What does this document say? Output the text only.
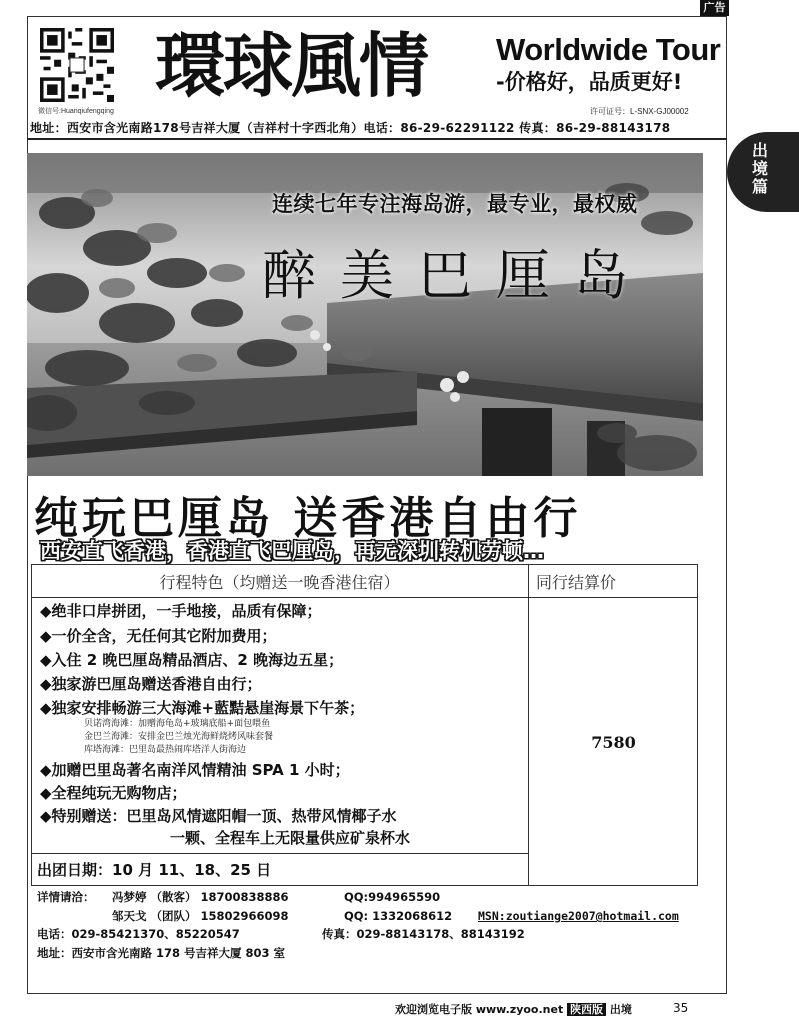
广告
出
境
篇
微信号:Huanqiufengqing
環球風情 Worldwide Tour
-价格好，品质更好!
许可证号：L-SNX-GJ00002
地址：西安市含光南路178号吉祥大厦（吉祥村十字西北角）电话：86-29-62291122 传真：86-29-88143178
连续七年专注海岛游，最专业，最权威
醉美巴厘岛
纯玩巴厘岛 送香港自由行
西安直飞香港，香港直飞巴厘岛，再无深圳转机劳顿…
行程特色（均赠送一晚香港住宿）	同行结算价
7580
◆绝非口岸拼团，一手地接，品质有保障；
◆一价全含，无任何其它附加费用；
◆入住 2 晚巴厘岛精品酒店、2 晚海边五星；
◆独家游巴厘岛赠送香港自由行；
◆独家安排畅游三大海滩+藍黠悬崖海景下午茶；
贝诺湾海滩：加赠海龟岛+玻璃底船+面包喂鱼
金巴兰海滩：安排金巴兰烛光海鲜烧烤风味套餐
库塔海滩：巴里岛最热闹库塔洋人街海边
◆加赠巴里岛著名南洋风情精油 SPA 1 小时；
◆全程纯玩无购物店；
◆特别赠送：巴里岛风情遮阳帽一顶、热带风情椰子水
一颗、全程车上无限量供应矿泉杯水
出团日期：10 月 11、18、25 日
详情请洽： 冯梦婷 （散客） 18700838886	QQ:994965590
邹天戈 （团队） 15802966098	QQ: 1332068612 MSN:zoutiange2007@hotmail.com
电话：029-85421370、85220547	传真：029-88143178、88143192
地址：西安市含光南路 178 号吉祥大厦 803 室
欢迎浏览电子版 www.zyoo.net 陕西版 出境	35
